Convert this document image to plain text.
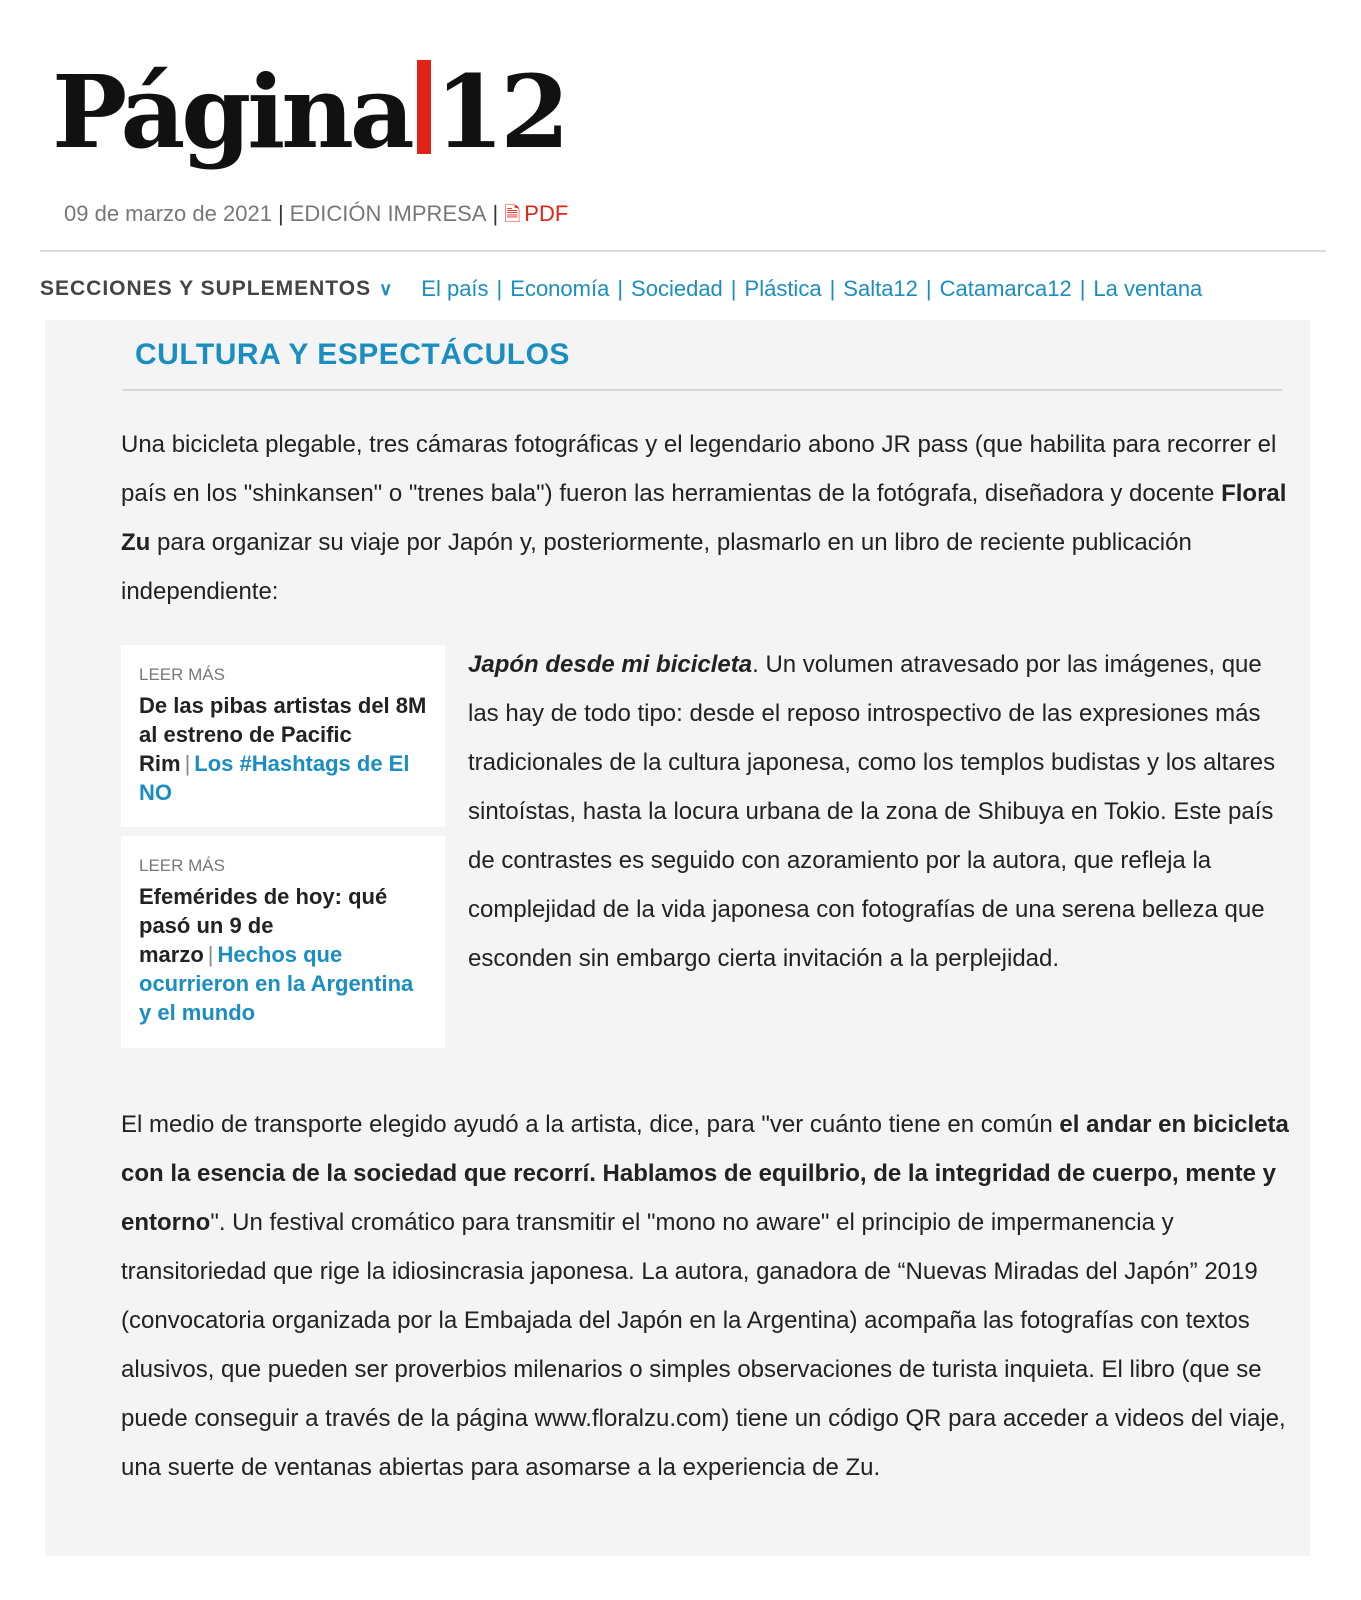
Página 12
09 de marzo de 2021 | EDICIÓN IMPRESA | 🗎 PDF
SECCIONES Y SUPLEMENTOS ∨ El país | Economía | Sociedad | Plástica | Salta12 | Catamarca12 | La ventana
CULTURA Y ESPECTÁCULOS

Una bicicleta plegable, tres cámaras fotográficas y el legendario abono JR pass (que habilita para recorrer el país en los "shinkansen" o "trenes bala") fueron las herramientas de la fotógrafa, diseñadora y docente Floral Zu para organizar su viaje por Japón y, posteriormente, plasmarlo en un libro de reciente publicación independiente:

LEER MÁS
De las pibas artistas del 8M al estreno de Pacific Rim | Los #Hashtags de El NO
LEER MÁS
Efemérides de hoy: qué pasó un 9 de marzo | Hechos que ocurrieron en la Argentina y el mundo

Japón desde mi bicicleta. Un volumen atravesado por las imágenes, que las hay de todo tipo: desde el reposo introspectivo de las expresiones más tradicionales de la cultura japonesa, como los templos budistas y los altares sintoístas, hasta la locura urbana de la zona de Shibuya en Tokio. Este país de contrastes es seguido con azoramiento por la autora, que refleja la complejidad de la vida japonesa con fotografías de una serena belleza que esconden sin embargo cierta invitación a la perplejidad.

El medio de transporte elegido ayudó a la artista, dice, para "ver cuánto tiene en común el andar en bicicleta con la esencia de la sociedad que recorrí. Hablamos de equilbrio, de la integridad de cuerpo, mente y entorno". Un festival cromático para transmitir el "mono no aware" el principio de impermanencia y transitoriedad que rige la idiosincrasia japonesa. La autora, ganadora de “Nuevas Miradas del Japón” 2019 (convocatoria organizada por la Embajada del Japón en la Argentina) acompaña las fotografías con textos alusivos, que pueden ser proverbios milenarios o simples observaciones de turista inquieta. El libro (que se puede conseguir a través de la página www.floralzu.com) tiene un código QR para acceder a videos del viaje, una suerte de ventanas abiertas para asomarse a la experiencia de Zu.
